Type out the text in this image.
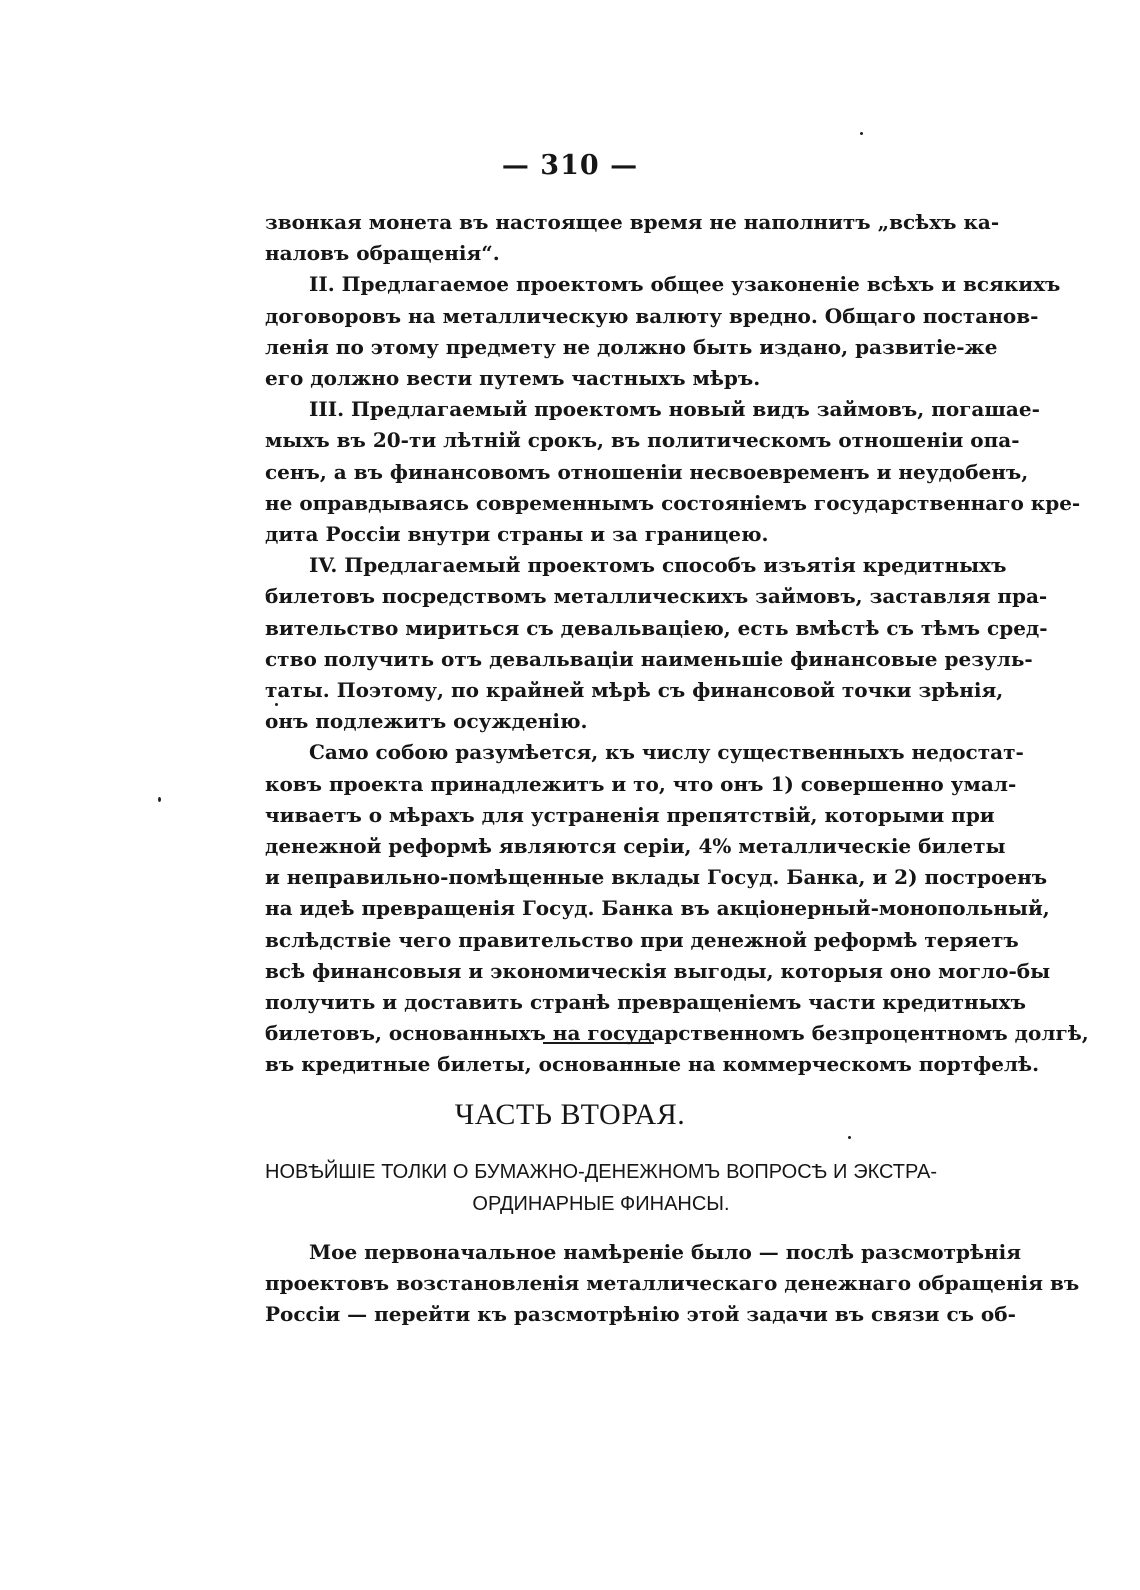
— 310 —
звонкая монета въ настоящее время не наполнитъ „всѣхъ ка-
наловъ обращенія“.
II. Предлагаемое проектомъ общее узаконеніе всѣхъ и всякихъ
договоровъ на металлическую валюту вредно. Общаго постанов-
ленія по этому предмету не должно быть издано, развитіе-же
его должно вести путемъ частныхъ мѣръ.
III. Предлагаемый проектомъ новый видъ займовъ, погашае-
мыхъ въ 20-ти лѣтній срокъ, въ политическомъ отношеніи опа-
сенъ, а въ финансовомъ отношеніи несвоевременъ и неудобенъ,
не оправдываясь современнымъ состояніемъ государственнаго кре-
дита Россіи внутри страны и за границею.
IV. Предлагаемый проектомъ способъ изъятія кредитныхъ
билетовъ посредствомъ металлическихъ займовъ, заставляя пра-
вительство мириться съ девальваціею, есть вмѣстѣ съ тѣмъ сред-
ство получить отъ девальваціи наименьшіе финансовые резуль-
таты. Поэтому, по крайней мѣрѣ съ финансовой точки зрѣнія,
онъ подлежитъ осужденію.
Само собою разумѣется, къ числу существенныхъ недостат-
ковъ проекта принадлежитъ и то, что онъ 1) совершенно умал-
чиваетъ о мѣрахъ для устраненія препятствій, которыми при
денежной реформѣ являются серіи, 4% металлическіе билеты
и неправильно-помѣщенные вклады Госуд. Банка, и 2) построенъ
на идеѣ превращенія Госуд. Банка въ акціонерный-монопольный,
вслѣдствіе чего правительство при денежной реформѣ теряетъ
всѣ финансовыя и экономическія выгоды, которыя оно могло-бы
получить и доставить странѣ превращеніемъ части кредитныхъ
билетовъ, основанныхъ на государственномъ безпроцентномъ долгѣ,
въ кредитные билеты, основанные на коммерческомъ портфелѣ.
ЧАСТЬ ВТОРАЯ.
НОВѢЙШІЕ ТОЛКИ О БУМАЖНО-ДЕНЕЖНОМЪ ВОПРОСѢ И ЭКСТРА-
ОРДИНАРНЫЕ ФИНАНСЫ.
Мое первоначальное намѣреніе было — послѣ разсмотрѣнія
проектовъ возстановленія металлическаго денежнаго обращенія въ
Россіи — перейти къ разсмотрѣнію этой задачи въ связи съ об-
